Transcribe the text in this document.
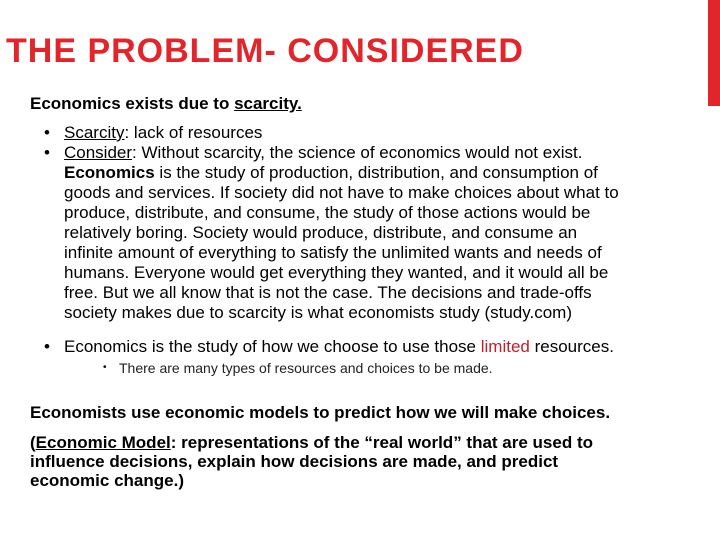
THE PROBLEM- CONSIDERED
Economics exists due to scarcity.
• Scarcity: lack of resources
• Consider: Without scarcity, the science of economics would not exist.
Economics is the study of production, distribution, and consumption of
goods and services. If society did not have to make choices about what to
produce, distribute, and consume, the study of those actions would be
relatively boring. Society would produce, distribute, and consume an
infinite amount of everything to satisfy the unlimited wants and needs of
humans. Everyone would get everything they wanted, and it would all be
free. But we all know that is not the case. The decisions and trade-offs
society makes due to scarcity is what economists study (study.com)
• Economics is the study of how we choose to use those limited resources.
• There are many types of resources and choices to be made.
Economists use economic models to predict how we will make choices.
(Economic Model: representations of the “real world” that are used to
influence decisions, explain how decisions are made, and predict
economic change.)
